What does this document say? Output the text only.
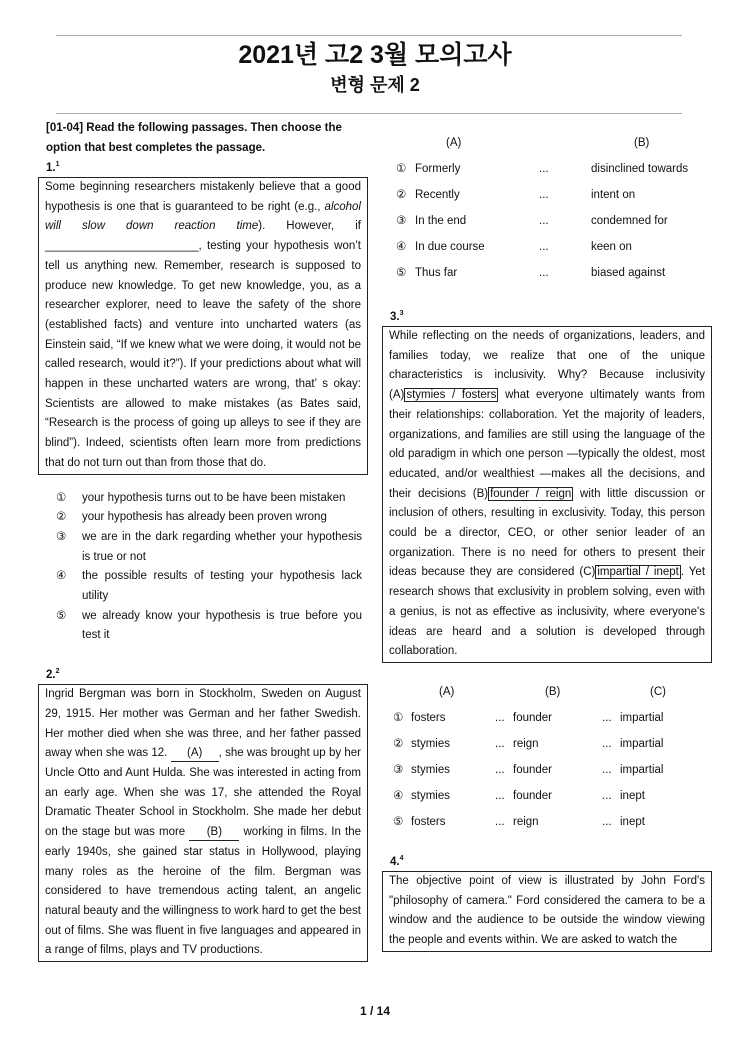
2021년 고2 3월 모의고사
변형 문제 2
[01-04] Read the following passages. Then choose the option that best completes the passage.
1.$^1$
Some beginning researchers mistakenly believe that a good hypothesis is one that is guaranteed to be right (e.g., alcohol will slow down reaction time). However, if ________________________, testing your hypothesis won’t tell us anything new. Remember, research is supposed to produce new knowledge. To get new knowledge, you, as a researcher explorer, need to leave the safety of the shore (established facts) and venture into uncharted waters (as Einstein said, “If we knew what we were doing, it would not be called research, would it?”). If your predictions about what will happen in these uncharted waters are wrong, that’ s okay: Scientists are allowed to make mistakes (as Bates said, “Research is the process of going up alleys to see if they are blind”). Indeed, scientists often learn more from predictions that do not turn out than from those that do.
①	your hypothesis turns out to be have been mistaken
②	your hypothesis has already been proven wrong
③	we are in the dark regarding whether your hypothesis is true or not
④	the possible results of testing your hypothesis lack utility
⑤	we already know your hypothesis is true before you test it
2.$^2$
Ingrid Bergman was born in Stockholm, Sweden on August 29, 1915. Her mother was German and her father Swedish. Her mother died when she was three, and her father passed away when she was 12. (A) , she was brought up by her Uncle Otto and Aunt Hulda. She was interested in acting from an early age. When she was 17, she attended the Royal Dramatic Theater School in Stockholm. She made her debut on the stage but was more (B) working in films. In the early 1940s, she gained star status in Hollywood, playing many roles as the heroine of the film. Bergman was considered to have tremendous acting talent, an angelic natural beauty and the willingness to work hard to get the best out of films. She was fluent in five languages and appeared in a range of films, plays and TV productions.
(A)	(B)
① Formerly	...	disinclined towards
② Recently	...	intent on
③ In the end	...	condemned for
④ In due course	...	keen on
⑤ Thus far	...	biased against
3.$^3$
While reflecting on the needs of organizations, leaders, and families today, we realize that one of the unique characteristics is inclusivity. Why? Because inclusivity (A) stymies / fosters what everyone ultimately wants from their relationships: collaboration. Yet the majority of leaders, organizations, and families are still using the language of the old paradigm in which one person —typically the oldest, most educated, and/or wealthiest —makes all the decisions, and their decisions (B) founder / reign with little discussion or inclusion of others, resulting in exclusivity. Today, this person could be a director, CEO, or other senior leader of an organization. There is no need for others to present their ideas because they are considered (C) impartial / inept . Yet research shows that exclusivity in problem solving, even with a genius, is not as effective as inclusivity, where everyone's ideas are heard and a solution is developed through collaboration.
(A)	(B)	(C)
① fosters	... founder	... impartial
② stymies	... reign	... impartial
③ stymies	... founder	... impartial
④ stymies	... founder	... inept
⑤ fosters	... reign	... inept
4.$^4$
The objective point of view is illustrated by John Ford's "philosophy of camera." Ford considered the camera to be a window and the audience to be outside the window viewing the people and events within. We are asked to watch the
1 / 14
